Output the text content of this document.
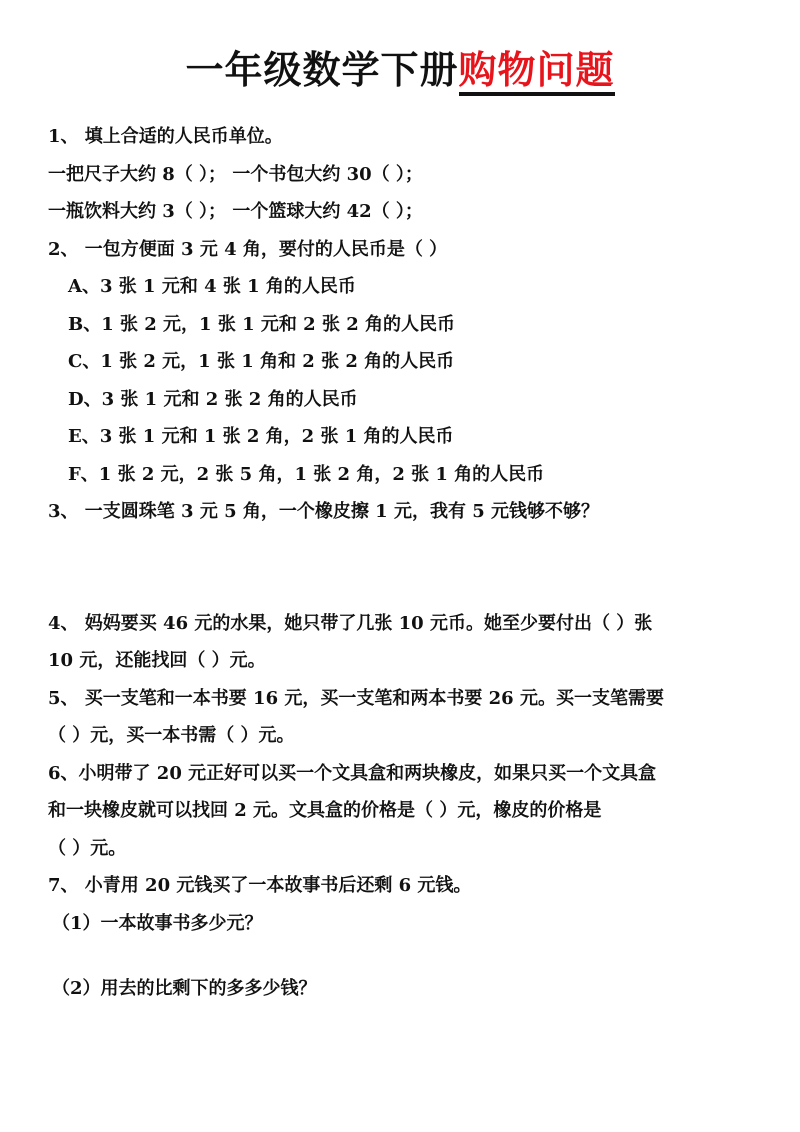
一年级数学下册购物问题
1、 填上合适的人民币单位。
一把尺子大约 8（ ）； 一个书包大约 30（ ）；
一瓶饮料大约 3（ ）； 一个篮球大约 42（ ）；
2、 一包方便面 3 元 4 角，要付的人民币是（ ）
A、3 张 1 元和 4 张 1 角的人民币
B、1 张 2 元，1 张 1 元和 2 张 2 角的人民币
C、1 张 2 元，1 张 1 角和 2 张 2 角的人民币
D、3 张 1 元和 2 张 2 角的人民币
E、3 张 1 元和 1 张 2 角，2 张 1 角的人民币
F、1 张 2 元，2 张 5 角，1 张 2 角，2 张 1 角的人民币
3、 一支圆珠笔 3 元 5 角，一个橡皮擦 1 元，我有 5 元钱够不够？
4、 妈妈要买 46 元的水果，她只带了几张 10 元币。她至少要付出（ ）张
10 元，还能找回（ ）元。
5、 买一支笔和一本书要 16 元，买一支笔和两本书要 26 元。买一支笔需要
（ ）元，买一本书需（ ）元。
6、小明带了 20 元正好可以买一个文具盒和两块橡皮，如果只买一个文具盒
和一块橡皮就可以找回 2 元。文具盒的价格是（ ）元，橡皮的价格是
（ ）元。
7、 小青用 20 元钱买了一本故事书后还剩 6 元钱。
（1）一本故事书多少元？
（2）用去的比剩下的多多少钱？
